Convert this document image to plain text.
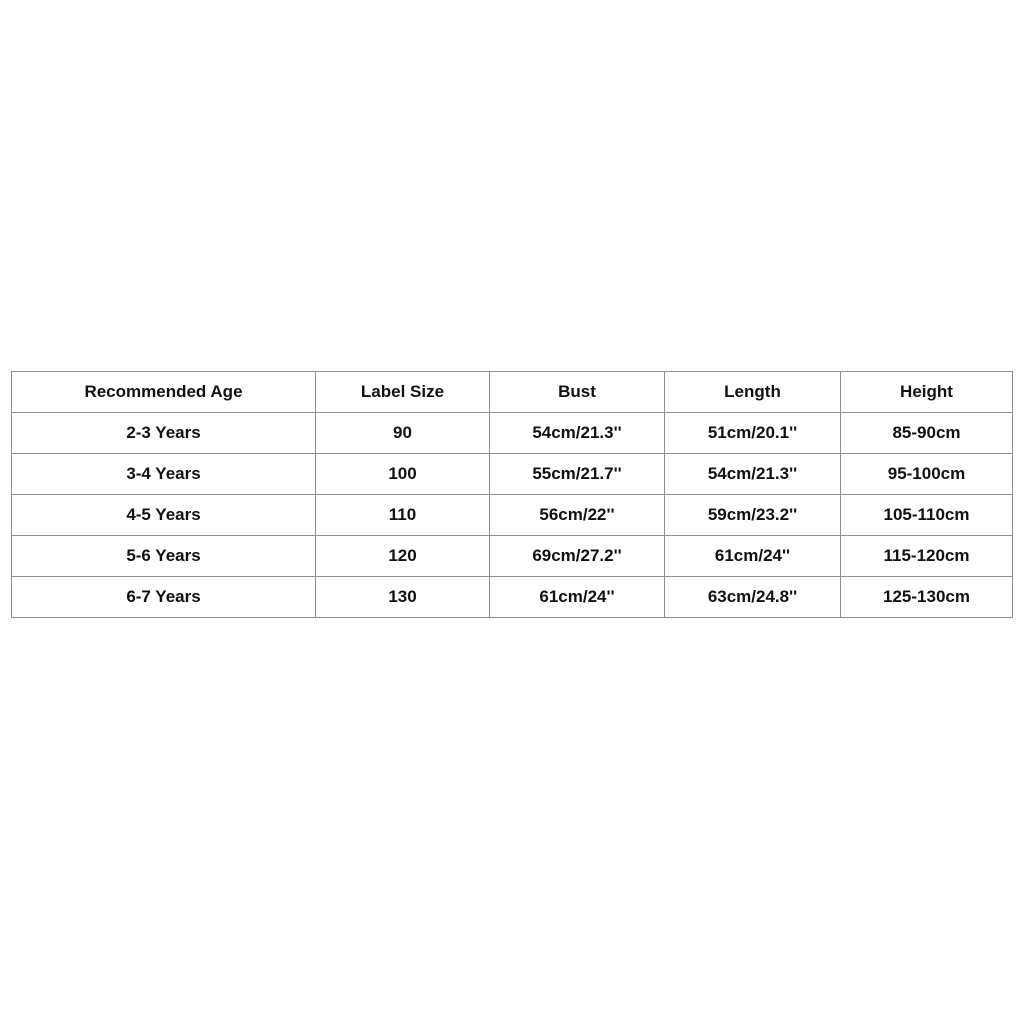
Recommended Age	Label Size	Bust	Length	Height
2-3 Years	90	54cm/21.3''	51cm/20.1''	85-90cm
3-4 Years	100	55cm/21.7''	54cm/21.3''	95-100cm
4-5 Years	110	56cm/22''	59cm/23.2''	105-110cm
5-6 Years	120	69cm/27.2''	61cm/24''	115-120cm
6-7 Years	130	61cm/24''	63cm/24.8''	125-130cm
